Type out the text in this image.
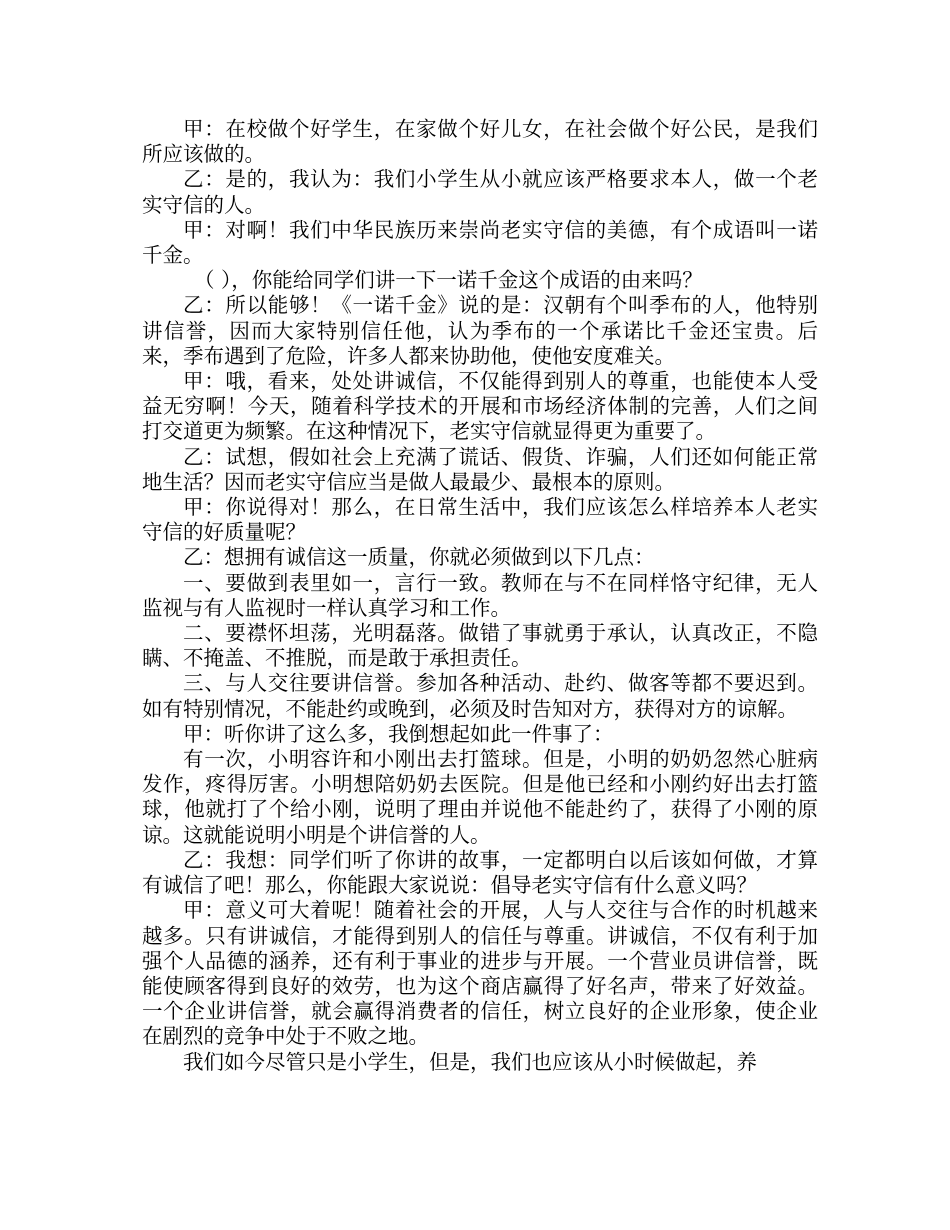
甲：在校做个好学生，在家做个好儿女，在社会做个好公民，是我们所应该做的。

乙：是的，我认为：我们小学生从小就应该严格要求本人，做一个老实守信的人。

甲：对啊！我们中华民族历来崇尚老实守信的美德，有个成语叫一诺千金。

（ ），你能给同学们讲一下一诺千金这个成语的由来吗？

乙：所以能够！《一诺千金》说的是：汉朝有个叫季布的人，他特别讲信誉，因而大家特别信任他，认为季布的一个承诺比千金还宝贵。后来，季布遇到了危险，许多人都来协助他，使他安度难关。

甲：哦，看来，处处讲诚信，不仅能得到别人的尊重，也能使本人受益无穷啊！今天，随着科学技术的开展和市场经济体制的完善，人们之间打交道更为频繁。在这种情况下，老实守信就显得更为重要了。

乙：试想，假如社会上充满了谎话、假货、诈骗，人们还如何能正常地生活？因而老实守信应当是做人最最少、最根本的原则。

甲：你说得对！那么，在日常生活中，我们应该怎么样培养本人老实守信的好质量呢？

乙：想拥有诚信这一质量，你就必须做到以下几点：

一、要做到表里如一，言行一致。教师在与不在同样恪守纪律，无人监视与有人监视时一样认真学习和工作。

二、要襟怀坦荡，光明磊落。做错了事就勇于承认，认真改正，不隐瞒、不掩盖、不推脱，而是敢于承担责任。

三、与人交往要讲信誉。参加各种活动、赴约、做客等都不要迟到。如有特别情况，不能赴约或晚到，必须及时告知对方，获得对方的谅解。

甲：听你讲了这么多，我倒想起如此一件事了：

有一次，小明容许和小刚出去打篮球。但是，小明的奶奶忽然心脏病发作，疼得厉害。小明想陪奶奶去医院。但是他已经和小刚约好出去打篮球，他就打了个给小刚，说明了理由并说他不能赴约了，获得了小刚的原谅。这就能说明小明是个讲信誉的人。

乙：我想：同学们听了你讲的故事，一定都明白以后该如何做，才算有诚信了吧！那么，你能跟大家说说：倡导老实守信有什么意义吗？

甲：意义可大着呢！随着社会的开展，人与人交往与合作的时机越来越多。只有讲诚信，才能得到别人的信任与尊重。讲诚信，不仅有利于加强个人品德的涵养，还有利于事业的进步与开展。一个营业员讲信誉，既能使顾客得到良好的效劳，也为这个商店赢得了好名声，带来了好效益。一个企业讲信誉，就会赢得消费者的信任，树立良好的企业形象，使企业在剧烈的竞争中处于不败之地。

我们如今尽管只是小学生，但是，我们也应该从小时候做起，养
